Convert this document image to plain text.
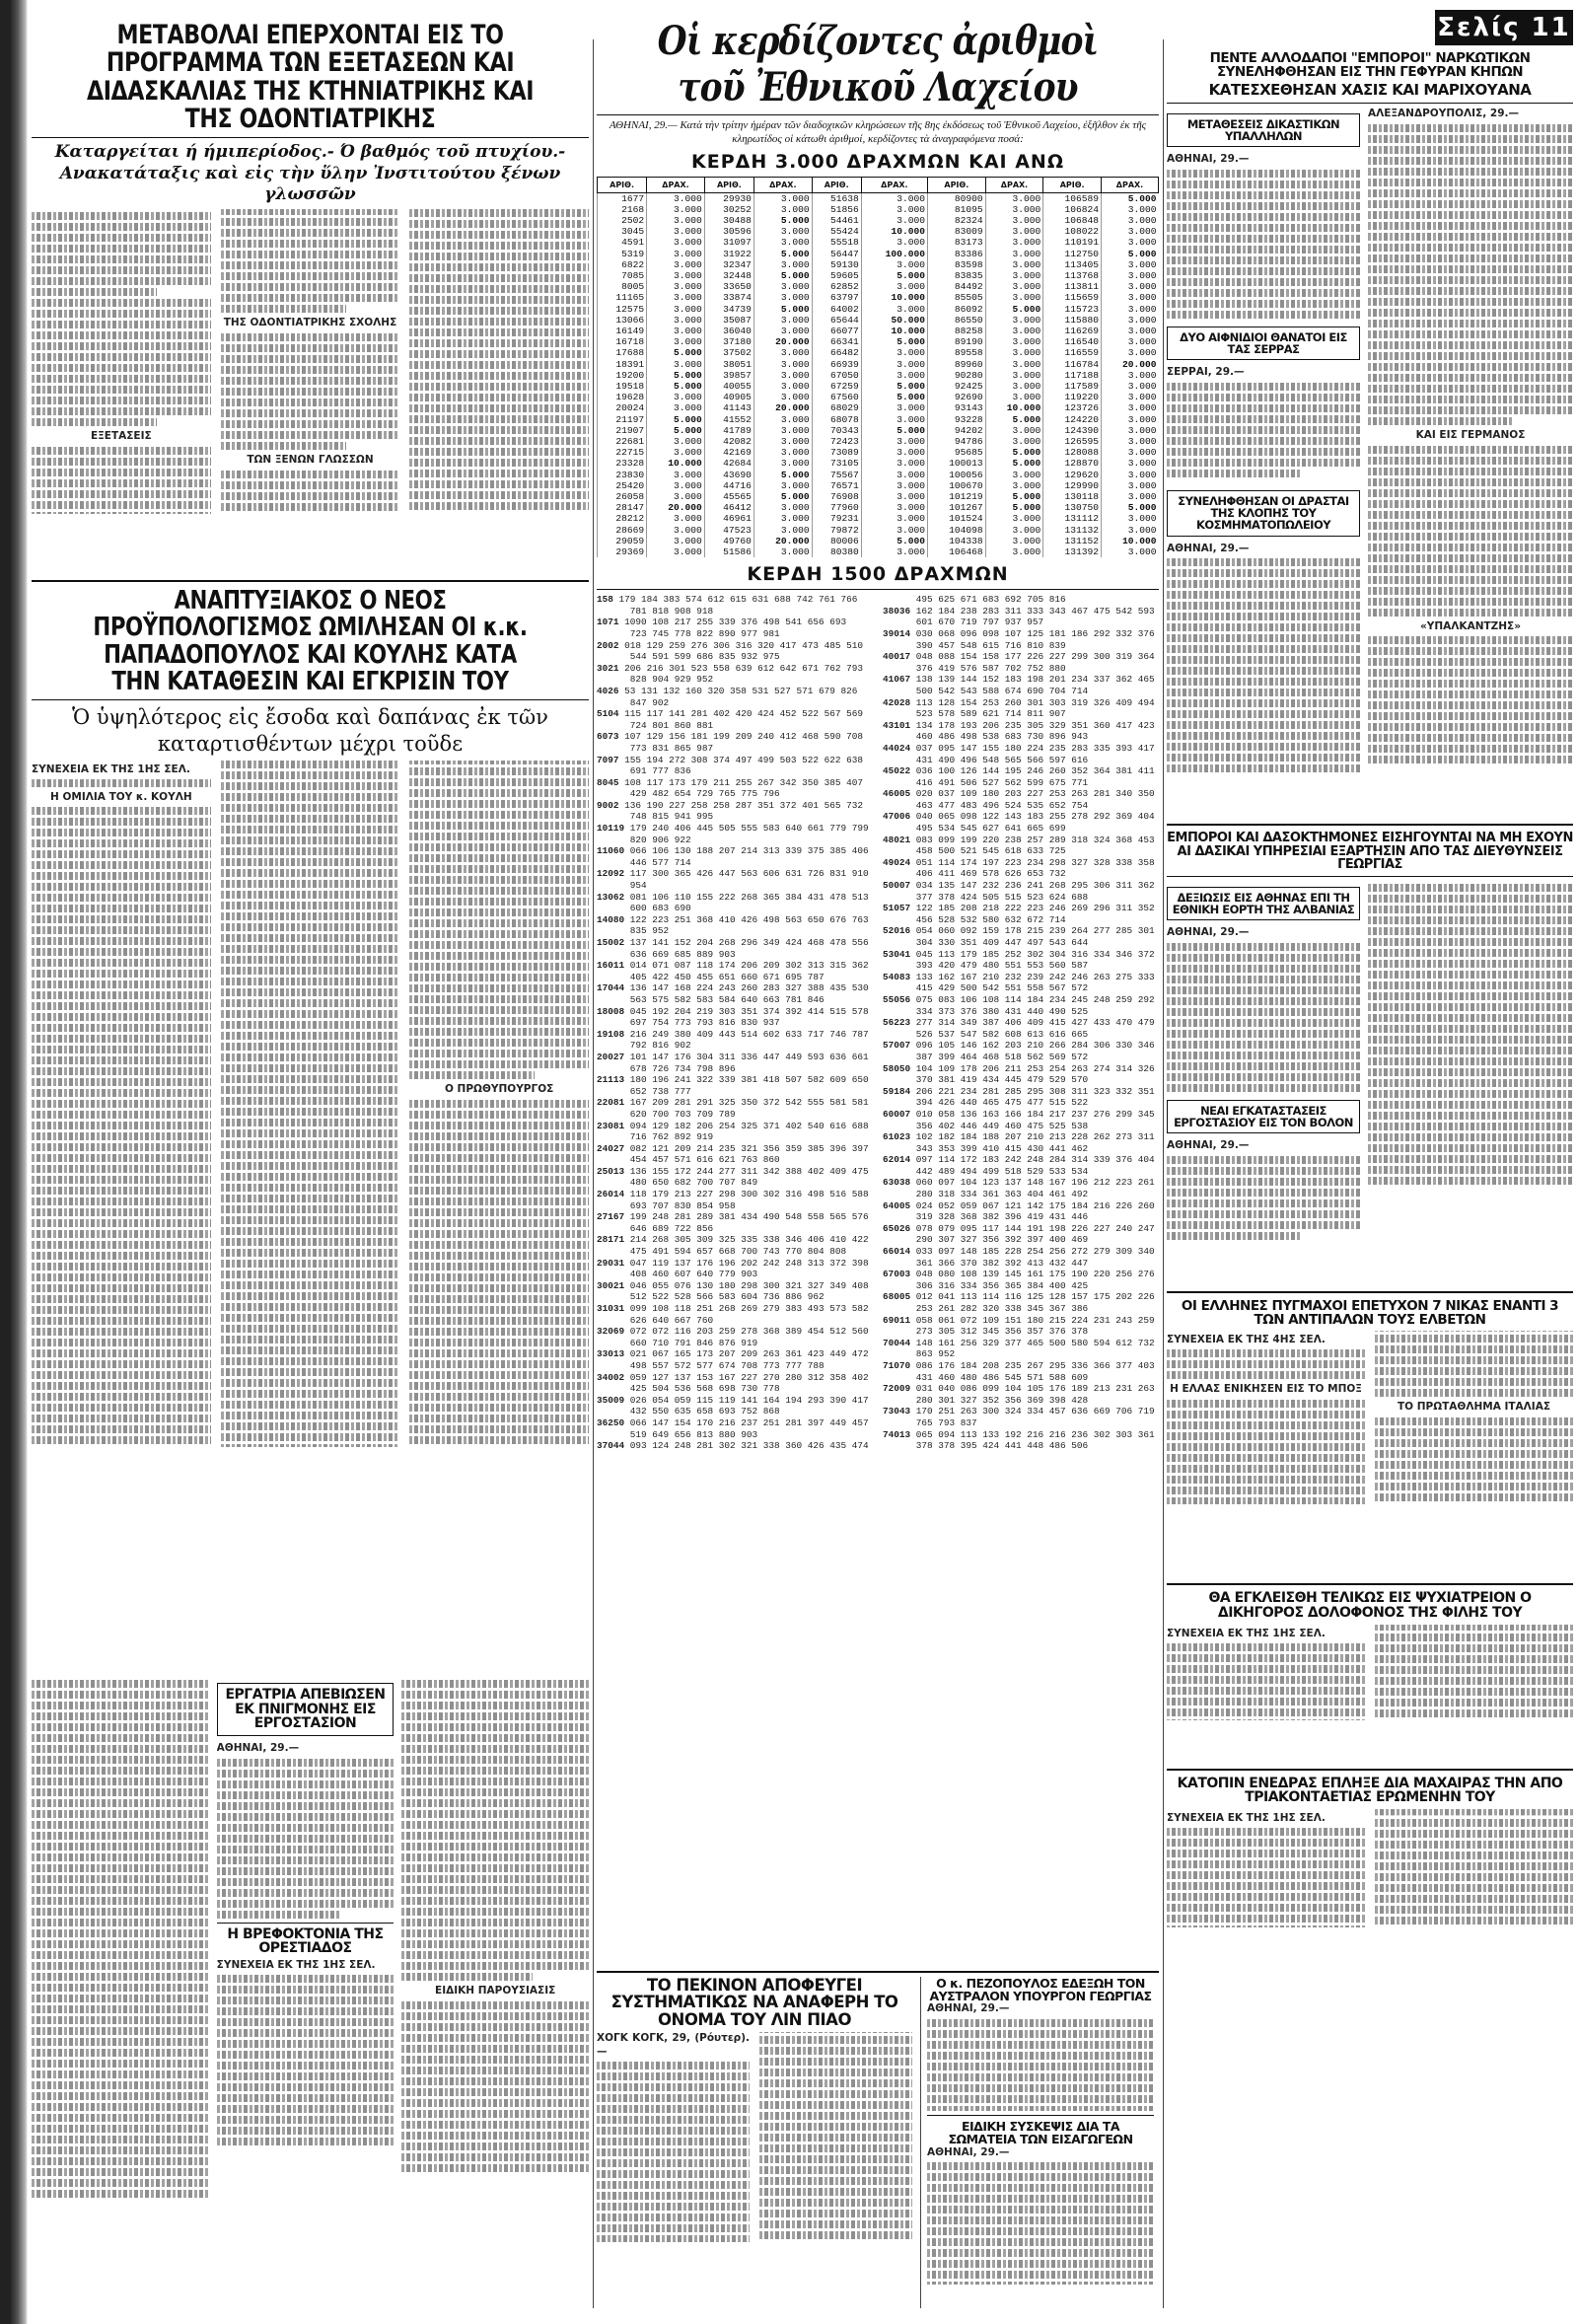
ΜΕΤΑΒΟΛΑΙ ΕΠΕΡΧΟΝΤΑΙ ΕΙΣ ΤΟ ΠΡΟΓΡΑΜΜΑ ΤΩΝ ΕΞΕΤΑΣΕΩΝ ΚΑΙ ΔΙΔΑΣΚΑΛΙΑΣ ΤΗΣ ΚΤΗΝΙΑΤΡΙΚΗΣ ΚΑΙ ΤΗΣ ΟΔΟΝΤΙΑΤΡΙΚΗΣ
Καταργείται ή ήμιπερίοδος.- Ό βαθμός τοῦ πτυχίου.- Ανακατάταξις καὶ εἰς τὴν ὕλην Ἰνστιτούτου ξένων γλωσσῶν
ΕΞΕΤΑΣΕΙΣ
ΤΗΣ ΟΔΟΝΤΙΑΤΡΙΚΗΣ ΣΧΟΛΗΣ
ΤΩΝ ΞΕΝΩΝ ΓΛΩΣΣΩΝ
ΑΝΑΠΤΥΞΙΑΚΟΣ Ο ΝΕΟΣ ΠΡΟΫΠΟΛΟΓΙΣΜΟΣ ΩΜΙΛΗΣΑΝ ΟΙ κ.κ. ΠΑΠΑΔΟΠΟΥΛΟΣ ΚΑΙ ΚΟΥΛΗΣ ΚΑΤΑ ΤΗΝ ΚΑΤΑΘΕΣΙΝ ΚΑΙ ΕΓΚΡΙΣΙΝ ΤΟΥ
Ὁ ὑψηλότερος εἰς ἔσοδα καὶ δαπάνας ἐκ τῶν καταρτισθέντων μέχρι τοῦδε
ΣΥΝΕΧΕΙΑ ΕΚ ΤΗΣ 1ΗΣ ΣΕΛ.
Η ΟΜΙΛΙΑ ΤΟΥ κ. ΚΟΥΛΗ
Ο ΠΡΩΘΥΠΟΥΡΓΟΣ
ΕΡΓΑΤΡΙΑ ΑΠΕΒΙΩΣΕΝ ΕΚ ΠΝΙΓΜΟΝΗΣ ΕΙΣ ΕΡΓΟΣΤΑΣΙΟΝ
ΑΘΗΝΑΙ, 29.—
Η ΒΡΕΦΟΚΤΟΝΙΑ ΤΗΣ ΟΡΕΣΤΙΑΔΟΣ
ΣΥΝΕΧΕΙΑ ΕΚ ΤΗΣ 1ΗΣ ΣΕΛ.
ΕΙΔΙΚΗ ΠΑΡΟΥΣΙΑΣΙΣ
Οἱ κερδίζοντες ἀριθμοὶ τοῦ Ἐθνικοῦ Λαχείου
ΑΘΗΝΑΙ, 29.— Κατὰ τὴν τρίτην ἡμέραν τῶν διαδοχικῶν κληρώσεων τῆς 8ης ἐκδόσεως τοῦ Ἐθνικοῦ Λαχείου, ἐξῆλθον ἐκ τῆς κληρωτίδος οἱ κάτωθι ἀριθμοί, κερδίζοντες τὰ ἀναγραφόμενα ποσά:
ΚΕΡΔΗ 3.000 ΔΡΑΧΜΩΝ ΚΑΙ ΑΝΩ
ΑΡΙΘ.	ΔΡΑΧ.	ΑΡΙΘ.	ΔΡΑΧ.	ΑΡΙΘ.	ΔΡΑΧ.	ΑΡΙΘ.	ΔΡΑΧ.	ΑΡΙΘ.	ΔΡΑΧ.
1677	3.000	29930	3.000	51638	3.000	80900	3.000	106589	5.000
2168	3.000	30252	3.000	51856	3.000	81095	3.000	106824	3.000
2502	3.000	30488	5.000	54461	3.000	82324	3.000	106848	3.000
3045	3.000	30596	3.000	55424	10.000	83009	3.000	108022	3.000
4591	3.000	31097	3.000	55518	3.000	83173	3.000	110191	3.000
5319	3.000	31922	5.000	56447	100.000	83386	3.000	112750	5.000
6822	3.000	32347	3.000	59130	3.000	83598	3.000	113405	3.000
7085	3.000	32448	5.000	59605	5.000	83835	3.000	113768	3.000
8005	3.000	33650	3.000	62852	3.000	84492	3.000	113811	3.000
11165	3.000	33874	3.000	63797	10.000	85505	3.000	115659	3.000
12575	3.000	34739	5.000	64002	3.000	86092	5.000	115723	3.000
13066	3.000	35087	3.000	65644	50.000	86550	3.000	115880	3.000
16149	3.000	36040	3.000	66077	10.000	88258	3.000	116269	3.000
16718	3.000	37180	20.000	66341	5.000	89190	3.000	116540	3.000
17688	5.000	37502	3.000	66482	3.000	89558	3.000	116559	3.000
18391	3.000	38051	3.000	66939	3.000	89960	3.000	116784	20.000
19200	5.000	39857	3.000	67050	3.000	90280	3.000	117188	3.000
19518	5.000	40055	3.000	67259	5.000	92425	3.000	117589	3.000
19628	3.000	40905	3.000	67560	5.000	92690	3.000	119220	3.000
20024	3.000	41143	20.000	68029	3.000	93143	10.000	123726	3.000
21197	5.000	41552	3.000	68078	3.000	93228	5.000	124220	3.000
21907	5.000	41789	3.000	70343	5.000	94202	3.000	124390	3.000
22681	3.000	42082	3.000	72423	3.000	94786	3.000	126595	3.000
22715	3.000	42169	3.000	73089	3.000	95685	5.000	128088	3.000
23328	10.000	42684	3.000	73105	3.000	100013	5.000	128870	3.000
23830	3.000	43690	5.000	75567	3.000	100056	3.000	129620	3.000
25420	3.000	44716	3.000	76571	3.000	100670	3.000	129990	3.000
26058	3.000	45565	5.000	76908	3.000	101219	5.000	130118	3.000
28147	20.000	46412	3.000	77960	3.000	101267	5.000	130750	5.000
28212	3.000	46961	3.000	79231	3.000	101524	3.000	131112	3.000
28669	3.000	47523	3.000	79872	3.000	104098	3.000	131132	3.000
29059	3.000	49760	20.000	80006	5.000	104338	3.000	131152	10.000
29369	3.000	51586	3.000	80380	3.000	106468	3.000	131392	3.000
ΚΕΡΔΗ 1500 ΔΡΑΧΜΩΝ
158 179 184 383 574 612 615 631 688 742 761 766
781 818 908 918
1071 1090 108 217 255 339 376 498 541 656 693
723 745 778 822 890 977 981
2002 018 129 259 276 306 316 320 417 473 485 510
544 591 599 686 835 932 975
3021 206 216 301 523 558 639 612 642 671 762 793
828 904 929 952
4026 53 131 132 160 320 358 531 527 571 679 826
847 902
5104 115 117 141 281 402 420 424 452 522 567 569
724 801 860 881
6073 107 129 156 181 199 209 240 412 468 590 708
773 831 865 987
7097 155 194 272 308 374 497 499 503 522 622 638
691 777 836
8045 108 117 173 179 211 255 267 342 350 385 407
429 482 654 729 765 775 796
9002 136 190 227 258 258 287 351 372 401 565 732
748 815 941 995
10119 179 240 406 445 505 555 583 640 661 779 799
820 906 922
11060 066 106 130 188 207 214 313 339 375 385 406
446 577 714
12092 117 300 365 426 447 563 606 631 726 831 910
954
13062 081 106 110 155 222 268 365 384 431 478 513
600 683 690
14080 122 223 251 368 410 426 498 563 650 676 763
835 952
15002 137 141 152 204 268 296 349 424 468 478 556
636 669 685 889 903
16011 014 071 087 118 174 206 209 302 313 315 362
405 422 450 455 651 660 671 695 787
17044 136 147 168 224 243 260 283 327 388 435 530
563 575 582 583 584 640 663 781 846
18008 045 192 204 219 303 351 374 392 414 515 578
697 754 773 793 816 830 937
19108 216 249 380 409 443 514 602 633 717 746 787
792 816 902
20027 101 147 176 304 311 336 447 449 593 636 661
678 726 734 798 896
21113 180 196 241 322 339 381 418 507 582 609 650
652 738 777
22081 167 209 281 291 325 350 372 542 555 581 581
620 700 703 709 789
23081 094 129 182 206 254 325 371 402 540 616 688
716 762 892 919
24027 082 121 209 214 235 321 356 359 385 396 397
454 457 571 616 621 763 860
25013 136 155 172 244 277 311 342 388 402 409 475
480 650 682 700 707 849
26014 118 179 213 227 298 300 302 316 498 516 588
693 707 830 854 958
27167 199 248 281 289 381 434 490 548 558 565 576
646 689 722 856
28171 214 268 305 309 325 335 338 346 406 410 422
475 491 594 657 668 700 743 770 804 808
29031 047 119 137 176 196 202 242 248 313 372 398
408 460 607 640 779 903
30021 046 055 076 130 180 298 300 321 327 349 408
512 522 528 566 583 604 736 886 962
31031 099 108 118 251 268 269 279 383 493 573 582
626 640 667 760
32069 072 072 116 203 259 278 368 389 454 512 560
660 710 791 846 876 919
33013 021 067 165 173 207 209 263 361 423 449 472
498 557 572 577 674 708 773 777 788
34002 059 127 137 153 167 227 270 280 312 358 402
425 504 536 568 698 730 778
35009 026 054 059 115 119 141 164 194 293 390 417
432 550 635 658 693 752 868
36250 066 147 154 170 216 237 251 281 397 449 457
519 649 656 813 880 903
37044 093 124 248 281 302 321 338 360 426 435 474
495 625 671 683 692 705 816
38036 162 184 238 283 311 333 343 467 475 542 593
601 670 719 797 937 957
39014 030 068 096 098 107 125 181 186 292 332 376
390 457 548 615 716 810 839
40017 048 088 154 158 177 226 227 299 300 319 364
376 419 576 587 702 752 880
41067 138 139 144 152 183 198 201 234 337 362 465
500 542 543 588 674 690 704 714
42028 113 128 154 253 260 301 303 319 326 409 494
523 578 589 621 714 811 907
43101 134 178 193 206 235 305 329 351 360 417 423
460 486 498 538 683 730 896 943
44024 037 095 147 155 180 224 235 283 335 393 417
431 490 496 548 565 566 597 616
45022 036 100 126 144 195 246 260 352 364 381 411
416 491 506 527 562 599 675 771
46005 020 037 109 180 203 227 253 263 281 340 350
463 477 483 496 524 535 652 754
47006 040 065 098 122 143 183 255 278 292 369 404
495 534 545 627 641 665 699
48021 083 099 199 220 238 257 289 318 324 368 453
458 500 521 545 618 633 725
49024 051 114 174 197 223 234 298 327 328 338 358
406 411 469 578 626 653 732
50007 034 135 147 232 236 241 268 295 306 311 362
377 378 424 505 515 523 624 688
51057 122 185 208 218 222 223 246 269 296 311 352
456 528 532 580 632 672 714
52016 054 060 092 159 178 215 239 264 277 285 301
304 330 351 409 447 497 543 644
53041 045 113 179 185 252 302 304 316 334 346 372
393 420 479 480 551 553 560 587
54083 133 162 167 210 232 239 242 246 263 275 333
415 429 500 542 551 558 567 572
55056 075 083 106 108 114 184 234 245 248 259 292
334 373 376 380 431 440 490 525
56223 277 314 349 387 406 409 415 427 433 470 479
526 537 547 582 608 613 616 665
57007 096 105 146 162 203 210 266 284 306 330 346
387 399 464 468 518 562 569 572
58050 104 109 178 206 211 253 254 263 274 314 326
370 381 419 434 445 479 529 570
59184 206 221 234 281 285 295 308 311 323 332 351
394 426 440 465 475 477 515 522
60007 010 058 136 163 166 184 217 237 276 299 345
356 402 446 449 460 475 525 538
61023 102 182 184 188 207 210 213 228 262 273 311
343 353 399 410 415 430 441 462
62014 097 114 172 183 242 248 284 314 339 376 404
442 489 494 499 518 529 533 534
63038 060 097 104 123 137 148 167 196 212 223 261
280 318 334 361 363 404 461 492
64005 024 052 059 067 121 142 175 184 216 226 260
319 328 368 382 396 419 431 446
65026 078 079 095 117 144 191 198 226 227 240 247
290 307 327 356 392 397 400 469
66014 033 097 148 185 228 254 256 272 279 309 340
361 366 370 382 392 413 432 447
67003 048 080 108 139 145 161 175 190 220 256 276
306 316 334 356 365 384 400 425
68005 012 041 113 114 116 125 128 157 175 202 226
253 261 282 320 338 345 367 386
69011 058 061 072 109 151 180 215 224 231 243 259
273 305 312 345 356 357 376 378
70044 148 161 256 329 377 465 500 580 594 612 732
863 952
71070 086 176 184 208 235 267 295 336 366 377 403
431 460 480 486 545 571 588 609
72009 031 040 086 099 104 105 176 189 213 231 263
280 301 327 352 356 369 398 428
73043 170 251 263 300 324 334 457 636 669 706 719
765 793 837
74013 065 094 113 133 192 216 216 236 302 303 361
378 378 395 424 441 448 486 506

ΤΟ ΠΕΚΙΝΟΝ ΑΠΟΦΕΥΓΕΙ ΣΥΣΤΗΜΑΤΙΚΩΣ ΝΑ ΑΝΑΦΕΡΗ ΤΟ ΟΝΟΜΑ ΤΟΥ ΛΙΝ ΠΙΑΟ
ΧΟΓΚ ΚΟΓΚ, 29, (Ρόυτερ).—
Ο κ. ΠΕΖΟΠΟΥΛΟΣ ΕΔΕΞΩΗ ΤΟΝ ΑΥΣΤΡΑΛΟΝ ΥΠΟΥΡΓΟΝ ΓΕΩΡΓΙΑΣ
ΑΘΗΝΑΙ, 29.—
ΕΙΔΙΚΗ ΣΥΣΚΕΨΙΣ ΔΙΑ ΤΑ ΣΩΜΑΤΕΙΑ ΤΩΝ ΕΙΣΑΓΩΓΕΩΝ
ΑΘΗΝΑΙ, 29.—
Σελίς 11
ΠΕΝΤΕ ΑΛΛΟΔΑΠΟΙ "ΕΜΠΟΡΟΙ" ΝΑΡΚΩΤΙΚΩΝ ΣΥΝΕΛΗΦΘΗΣΑΝ ΕΙΣ ΤΗΝ ΓΕΦΥΡΑΝ ΚΗΠΩΝ
ΚΑΤΕΣΧΕΘΗΣΑΝ ΧΑΣΙΣ ΚΑΙ ΜΑΡΙΧΟΥΑΝΑ
ΜΕΤΑΘΕΣΕΙΣ ΔΙΚΑΣΤΙΚΩΝ ΥΠΑΛΛΗΛΩΝ
ΑΘΗΝΑΙ, 29.—
ΔΥΟ ΑΙΦΝΙΔΙΟΙ ΘΑΝΑΤΟΙ ΕΙΣ ΤΑΣ ΣΕΡΡΑΣ
ΣΕΡΡΑΙ, 29.—
ΣΥΝΕΛΗΦΘΗΣΑΝ ΟΙ ΔΡΑΣΤΑΙ ΤΗΣ ΚΛΟΠΗΣ ΤΟΥ ΚΟΣΜΗΜΑΤΟΠΩΛΕΙΟΥ
ΑΘΗΝΑΙ, 29.—
ΑΛΕΞΑΝΔΡΟΥΠΟΛΙΣ, 29.—
ΚΑΙ ΕΙΣ ΓΕΡΜΑΝΟΣ
«ΥΠΑΛΚΑΝΤΖΗΣ»
ΕΜΠΟΡΟΙ ΚΑΙ ΔΑΣΟΚΤΗΜΟΝΕΣ ΕΙΣΗΓΟΥΝΤΑΙ ΝΑ ΜΗ ΕΧΟΥΝ ΑΙ ΔΑΣΙΚΑΙ ΥΠΗΡΕΣΙΑΙ ΕΞΑΡΤΗΣΙΝ ΑΠΟ ΤΑΣ ΔΙΕΥΘΥΝΣΕΙΣ ΓΕΩΡΓΙΑΣ
ΔΕΞΙΩΣΙΣ ΕΙΣ ΑΘΗΝΑΣ ΕΠΙ ΤΗ ΕΘΝΙΚΗ ΕΟΡΤΗ ΤΗΣ ΑΛΒΑΝΙΑΣ
ΑΘΗΝΑΙ, 29.—
ΝΕΑΙ ΕΓΚΑΤΑΣΤΑΣΕΙΣ ΕΡΓΟΣΤΑΣΙΟΥ ΕΙΣ ΤΟΝ ΒΟΛΟΝ
ΑΘΗΝΑΙ, 29.—
ΟΙ ΕΛΛΗΝΕΣ ΠΥΓΜΑΧΟΙ ΕΠΕΤΥΧΟΝ 7 ΝΙΚΑΣ ΕΝΑΝΤΙ 3 ΤΩΝ ΑΝΤΙΠΑΛΩΝ ΤΟΥΣ ΕΛΒΕΤΩΝ
ΣΥΝΕΧΕΙΑ ΕΚ ΤΗΣ 4ΗΣ ΣΕΛ.
Η ΕΛΛΑΣ ΕΝΙΚΗΣΕΝ ΕΙΣ ΤΟ ΜΠΟΞ
ΤΟ ΠΡΩΤΑΘΛΗΜΑ ΙΤΑΛΙΑΣ
ΘΑ ΕΓΚΛΕΙΣΘΗ ΤΕΛΙΚΩΣ ΕΙΣ ΨΥΧΙΑΤΡΕΙΟΝ Ο ΔΙΚΗΓΟΡΟΣ ΔΟΛΟΦΟΝΟΣ ΤΗΣ ΦΙΛΗΣ ΤΟΥ
ΣΥΝΕΧΕΙΑ ΕΚ ΤΗΣ 1ΗΣ ΣΕΛ.
ΚΑΤΟΠΙΝ ΕΝΕΔΡΑΣ ΕΠΛΗΞΕ ΔΙΑ ΜΑΧΑΙΡΑΣ ΤΗΝ ΑΠΟ ΤΡΙΑΚΟΝΤΑΕΤΙΑΣ ΕΡΩΜΕΝΗΝ ΤΟΥ
ΣΥΝΕΧΕΙΑ ΕΚ ΤΗΣ 1ΗΣ ΣΕΛ.
